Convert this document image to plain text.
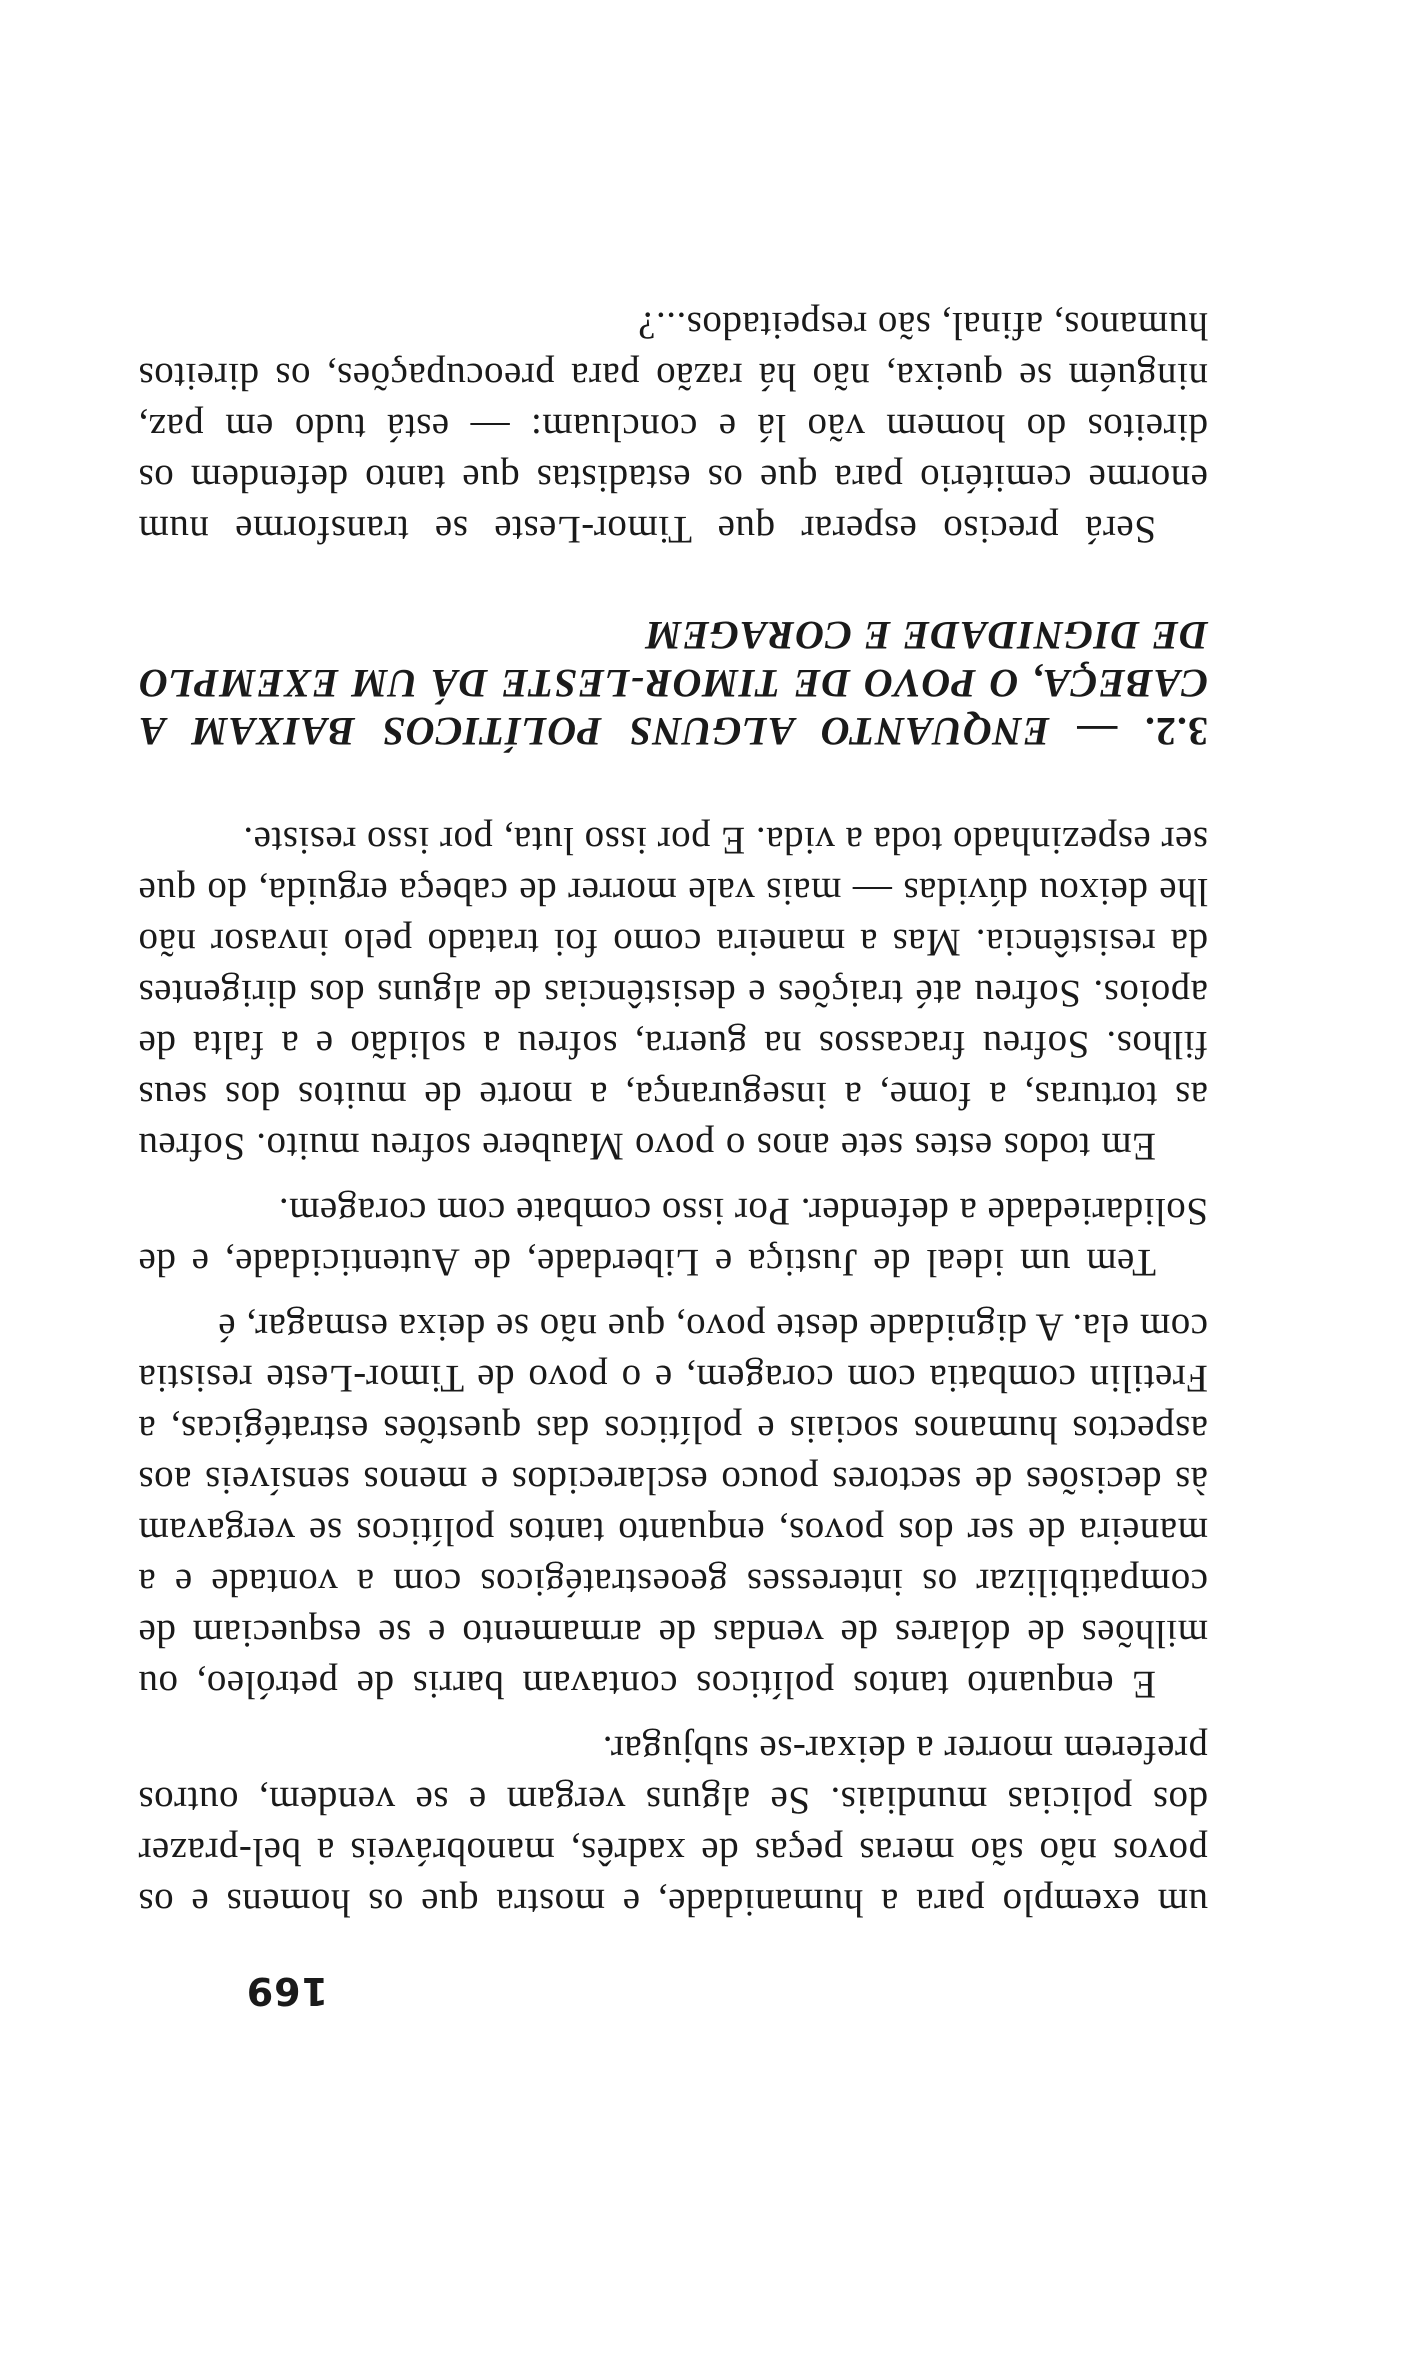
169

um exemplo para a humanidade, e mostra que os homens e os povos não são meras peças de xadrês, manobráveis a bel-prazer dos policias mundiais. Se alguns vergam e se vendem, outros preferem morrer a deixar-se subjugar.

E enquanto tantos políticos contavam barris de petróleo, ou milhões de dólares de vendas de armamento e se esqueciam de compatibilizar os interesses geoestratégicos com a vontade e a maneira de ser dos povos, enquanto tantos políticos se vergavam às decisões de sectores pouco esclarecidos e menos sensíveis aos aspectos humanos sociais e políticos das questões estratégicas, a Fretilin combatia com coragem, e o povo de Timor-Leste resistia com ela. A dignidade deste povo, que não se deixa esmagar, é

Tem um ideal de Justiça e Liberdade, de Autenticidade, e de Solidariedade a defender. Por isso combate com coragem.

Em todos estes sete anos o povo Maubere sofreu muito. Sofreu as torturas, a fome, a insegurança, a morte de muitos dos seus filhos. Sofreu fracassos na guerra, sofreu a solidão e a falta de apoios. Sofreu até traições e desistências de alguns dos dirigentes da resistência. Mas a maneira como foi tratado pelo invasor não lhe deixou dúvidas — mais vale morrer de cabeça erguida, do que ser espezinhado toda a vida. E por isso luta, por isso resiste.

3.2. — ENQUANTO ALGUNS POLÍTICOS BAIXAM A CABEÇA, O POVO DE TIMOR-LESTE DÁ UM EXEMPLO DE DIGNIDADE E CORAGEM

Será preciso esperar que Timor-Leste se transforme num enorme cemitério para que os estadistas que tanto defendem os direitos do homem vão lá e concluam: — está tudo em paz, ninguém se queixa, não há razão para preocupações, os direitos humanos, afinal, são respeitados...?
